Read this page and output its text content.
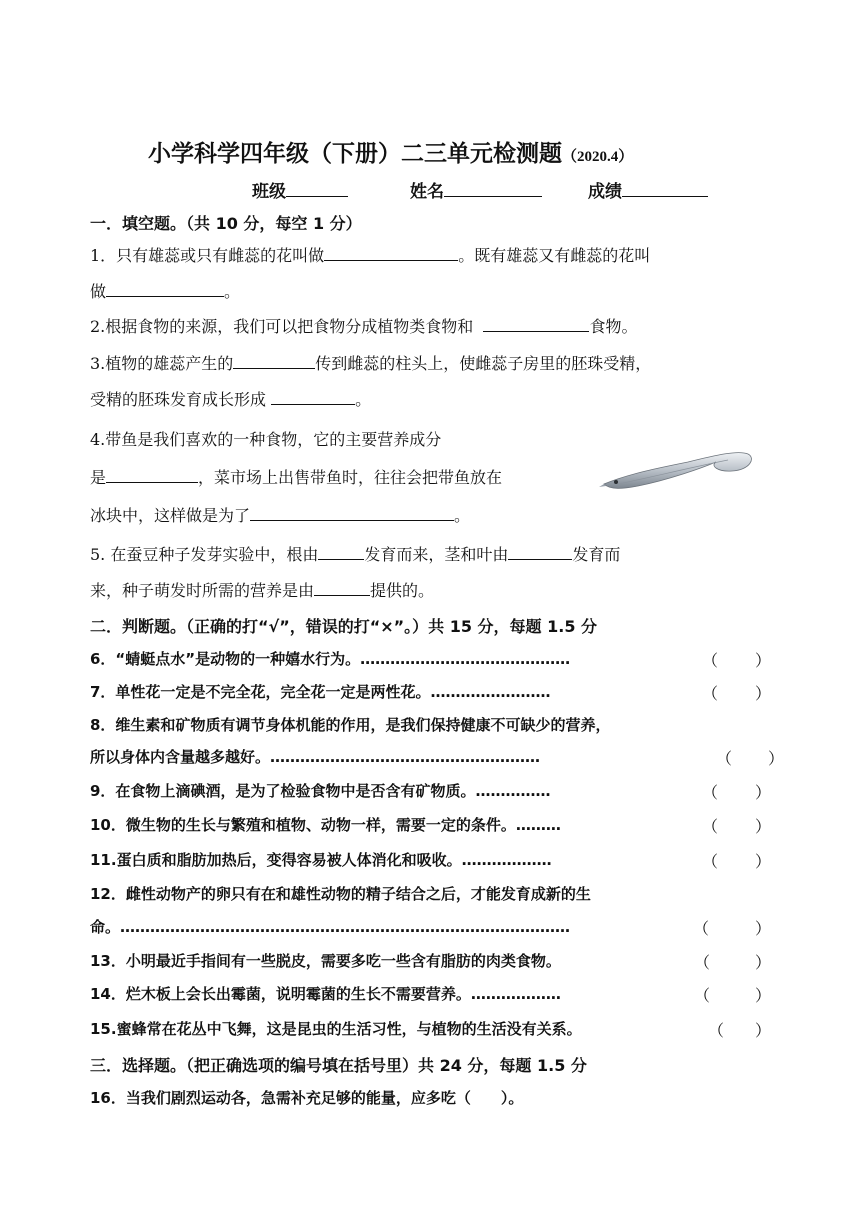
小学科学四年级（下册）二三单元检测题（2020.4）
班级	姓名	成绩
一．填空题。（共 10 分，每空 1 分）
1．只有雄蕊或只有雌蕊的花叫做	。既有雄蕊又有雌蕊的花叫
做	。
2.根据食物的来源，我们可以把食物分成植物类食物和	食物。
3.植物的雄蕊产生的	传到雌蕊的柱头上，使雌蕊子房里的胚珠受精，
受精的胚珠发育成长形成	。
4.带鱼是我们喜欢的一种食物，它的主要营养成分
是	，菜市场上出售带鱼时，往往会把带鱼放在
冰块中，这样做是为了	。
5. 在蚕豆种子发芽实验中，根由	发育而来，茎和叶由	发育而
来，种子萌发时所需的营养是由	提供的。
二．判断题。（正确的打“√”，错误的打“×”。）共 15 分，每题 1.5 分
6．“蜻蜓点水”是动物的一种嬉水行为。……………………………………	（ ）
7．单性花一定是不完全花，完全花一定是两性花。……………………	（ ）
8．维生素和矿物质有调节身体机能的作用，是我们保持健康不可缺少的营养，
所以身体内含量越多越好。………………………………………………	（ ）
9．在食物上滴碘酒，是为了检验食物中是否含有矿物质。……………	（ ）
10．微生物的生长与繁殖和植物、动物一样，需要一定的条件。………	（ ）
11.蛋白质和脂肪加热后，变得容易被人体消化和吸收。………………	（ ）
12．雌性动物产的卵只有在和雄性动物的精子结合之后，才能发育成新的生
命。………………………………………………………………………………	（	）
13．小明最近手指间有一些脱皮，需要多吃一些含有脂肪的肉类食物。	（	）
14．烂木板上会长出霉菌，说明霉菌的生长不需要营养。………………	（	）
15.蜜蜂常在花丛中飞舞，这是昆虫的生活习性，与植物的生活没有关系。	（ ）
三．选择题。（把正确选项的编号填在括号里）共 24 分，每题 1.5 分
16．当我们剧烈运动各，急需补充足够的能量，应多吃（　　）。
